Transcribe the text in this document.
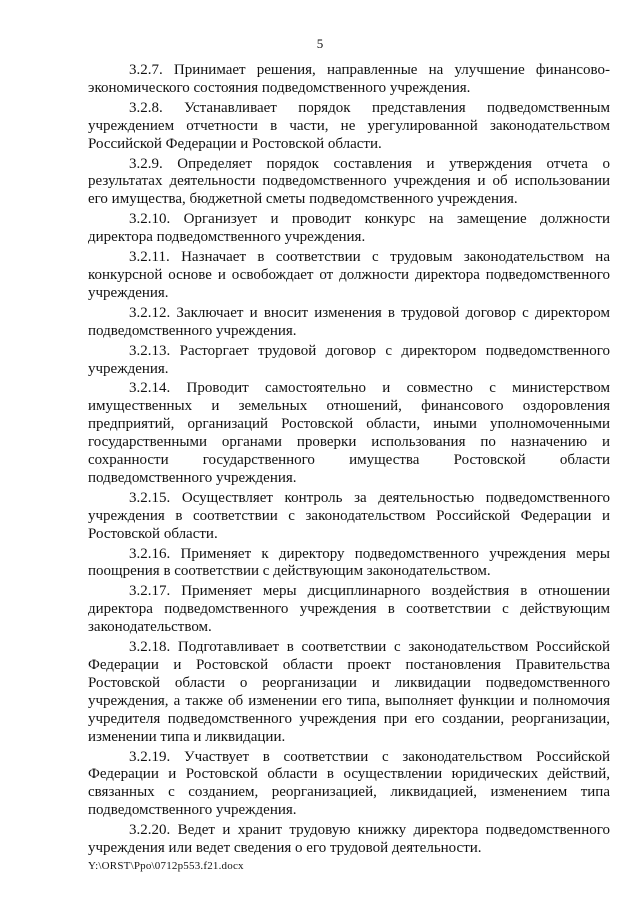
5

3.2.7. Принимает решения, направленные на улучшение финансово-экономического состояния подведомственного учреждения.

3.2.8. Устанавливает порядок представления подведомственным учреждением отчетности в части, не урегулированной законодательством Российской Федерации и Ростовской области.

3.2.9. Определяет порядок составления и утверждения отчета о результатах деятельности подведомственного учреждения и об использовании его имущества, бюджетной сметы подведомственного учреждения.

3.2.10. Организует и проводит конкурс на замещение должности директора подведомственного учреждения.

3.2.11. Назначает в соответствии с трудовым законодательством на конкурсной основе и освобождает от должности директора подведомственного учреждения.

3.2.12. Заключает и вносит изменения в трудовой договор с директором подведомственного учреждения.

3.2.13. Расторгает трудовой договор с директором подведомственного учреждения.

3.2.14. Проводит самостоятельно и совместно с министерством имущественных и земельных отношений, финансового оздоровления предприятий, организаций Ростовской области, иными уполномоченными государственными органами проверки использования по назначению и сохранности государственного имущества Ростовской области подведомственного учреждения.

3.2.15. Осуществляет контроль за деятельностью подведомственного учреждения в соответствии с законодательством Российской Федерации и Ростовской области.

3.2.16. Применяет к директору подведомственного учреждения меры поощрения в соответствии с действующим законодательством.

3.2.17. Применяет меры дисциплинарного воздействия в отношении директора подведомственного учреждения в соответствии с действующим законодательством.

3.2.18. Подготавливает в соответствии с законодательством Российской Федерации и Ростовской области проект постановления Правительства Ростовской области о реорганизации и ликвидации подведомственного учреждения, а также об изменении его типа, выполняет функции и полномочия учредителя подведомственного учреждения при его создании, реорганизации, изменении типа и ликвидации.

3.2.19. Участвует в соответствии с законодательством Российской Федерации и Ростовской области в осуществлении юридических действий, связанных с созданием, реорганизацией, ликвидацией, изменением типа подведомственного учреждения.

3.2.20. Ведет и хранит трудовую книжку директора подведомственного учреждения или ведет сведения о его трудовой деятельности.

Y:\ORST\Ppo\0712p553.f21.docx
